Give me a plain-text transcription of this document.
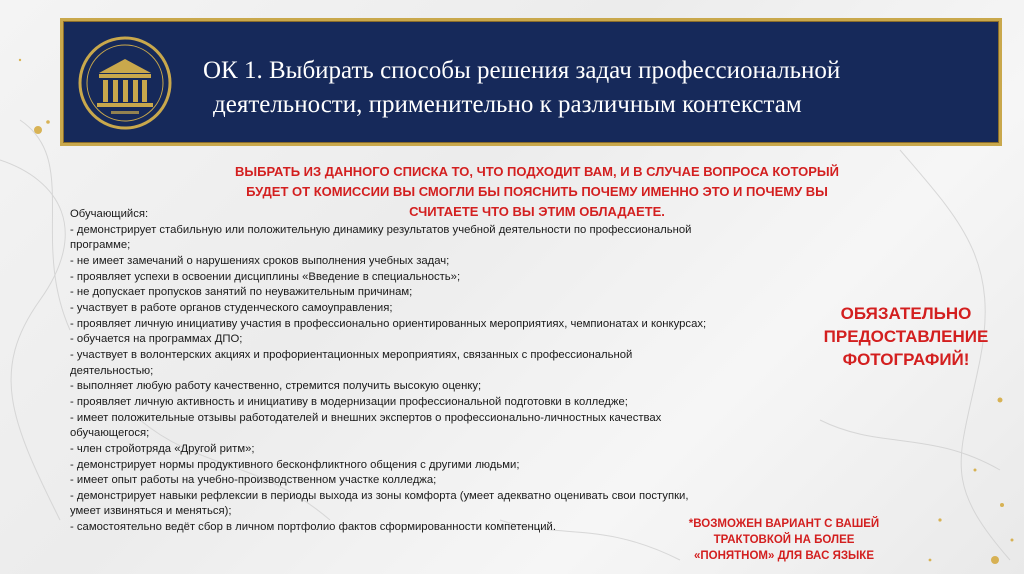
ОК 1. Выбирать способы решения задач профессиональной
деятельности, применительно к различным контекстам
ВЫБРАТЬ ИЗ ДАННОГО СПИСКА ТО, ЧТО ПОДХОДИТ ВАМ, И В СЛУЧАЕ ВОПРОСА КОТОРЫЙ
БУДЕТ ОТ КОМИССИИ ВЫ СМОГЛИ БЫ ПОЯСНИТЬ ПОЧЕМУ ИМЕННО ЭТО И ПОЧЕМУ ВЫ
СЧИТАЕТЕ ЧТО ВЫ ЭТИМ ОБЛАДАЕТЕ.
Обучающийся:
- демонстрирует стабильную или положительную динамику результатов учебной деятельности по профессиональной
программе;
- не имеет замечаний о нарушениях сроков выполнения учебных задач;
- проявляет успехи в освоении дисциплины «Введение в специальность»;
- не допускает пропусков занятий по неуважительным причинам;
- участвует в работе органов студенческого самоуправления;
- проявляет личную инициативу участия в профессионально ориентированных мероприятиях, чемпионатах и конкурсах;
- обучается на программах ДПО;
- участвует в волонтерских акциях и профориентационных мероприятиях, связанных с профессиональной
деятельностью;
- выполняет любую работу качественно, стремится получить высокую оценку;
- проявляет личную активность и инициативу в модернизации профессиональной подготовки в колледже;
- имеет положительные отзывы работодателей и внешних экспертов о профессионально-личностных качествах
обучающегося;
- член стройотряда «Другой ритм»;
- демонстрирует нормы продуктивного бесконфликтного общения с другими людьми;
- имеет опыт работы на учебно-производственном участке колледжа;
- демонстрирует навыки рефлексии в периоды выхода из зоны комфорта (умеет адекватно оценивать свои поступки,
умеет извиняться и меняться);
- самостоятельно ведёт сбор в личном портфолио фактов сформированности компетенций.
ОБЯЗАТЕЛЬНО
ПРЕДОСТАВЛЕНИЕ
ФОТОГРАФИЙ!
*ВОЗМОЖЕН ВАРИАНТ С ВАШЕЙ
ТРАКТОВКОЙ НА БОЛЕЕ
«ПОНЯТНОМ» ДЛЯ ВАС ЯЗЫКЕ
